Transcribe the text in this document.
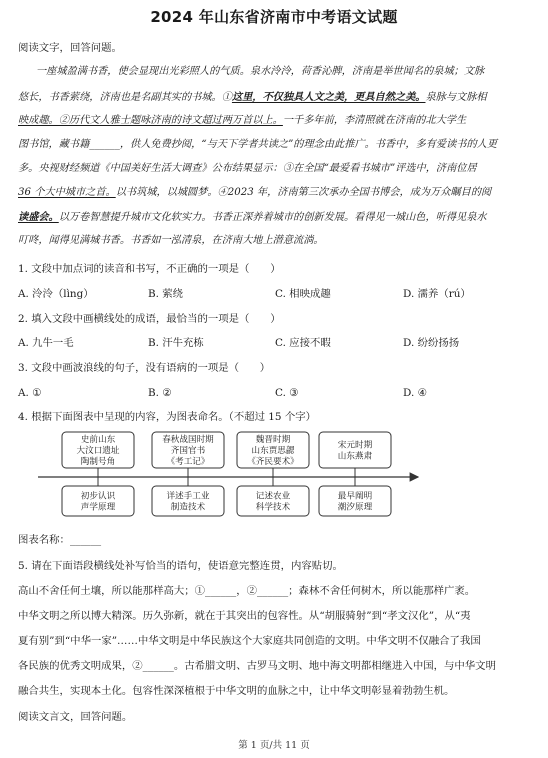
2024 年山东省济南市中考语文试题
阅读文字，回答问题。
一座城盈满书香，使会显现出光彩照人的气质。泉水泠泠，荷香沁脾，济南是举世闻名的泉城；文脉
悠长，书香萦绕，济南也是名副其实的书城。①这里，不仅独具人文之美，更具自然之美。泉脉与文脉相
映成趣。②历代文人雅士题咏济南的诗文超过两万首以上。一千多年前，李清照就在济南的北大学生
图书馆，藏书籍______，供人免费抄阅，“与天下学者共读之”的理念由此推广。书香中，多有爱读书的人更
多。央视财经频道《中国美好生活大调查》公布结果显示：③在全国“最爱看书城市”评选中，济南位居
36 个大中城市之首。以书筑城，以城圆梦。④2023 年，济南第三次承办全国书博会，成为万众瞩目的阅
读盛会。以万卷智慧提升城市文化软实力。书香正深养着城市的创新发展。看得见一城山色，听得见泉水
叮咚，闻得见满城书香。书香如一泓清泉，在济南大地上潜意流淌。
1. 文段中加点词的读音和书写，不正确的一项是（　　）
A. 泠泠（lìng）	B. 萦绕	C. 相映成趣	D. 濡养（rú）
2. 填入文段中画横线处的成语，最恰当的一项是（　　）
A. 九牛一毛	B. 汗牛充栋	C. 应接不暇	D. 纷纷扬扬
3. 文段中画波浪线的句子，没有语病的一项是（　　）
A. ①	B. ②	C. ③	D. ④
4. 根据下面图表中呈现的内容，为图表命名。（不超过 15 个字）
史前山东
大汶口遗址
陶制号角
春秋战国时期
齐国官书
《考工记》
魏晋时期
山东贾思勰
《齐民要术》
宋元时期
山东燕肃
初步认识
声学原理
详述手工业
制造技术
记述农业
科学技术
最早阐明
潮汐原理
图表名称：______
5. 请在下面语段横线处补写恰当的语句，使语意完整连贯，内容贴切。
高山不舍任何土壤，所以能那样高大；①______，②______；森林不舍任何树木，所以能那样广袤。
中华文明之所以博大精深。历久弥新，就在于其突出的包容性。从“胡服骑射”到“孝文汉化”，从“夷
夏有别”到“中华一家”……中华文明是中华民族这个大家庭共同创造的文明。中华文明不仅融合了我国
各民族的优秀文明成果，②______。古希腊文明、古罗马文明、地中海文明都相继进入中国，与中华文明
融合共生，实现本土化。包容性深深植根于中华文明的血脉之中，让中华文明彰显着勃勃生机。
阅读文言文，回答问题。
第 1 页/共 11 页
